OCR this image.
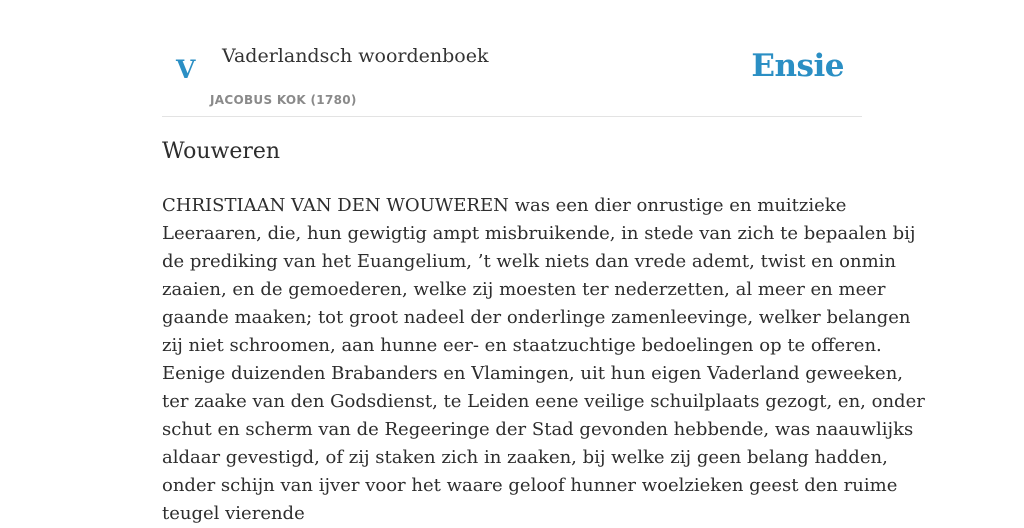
V Vaderlandsch woordenboek
JACOBUS KOK (1780)
Ensie
Wouweren
CHRISTIAAN VAN DEN WOUWEREN was een dier onrustige en muitzieke
Leeraaren, die, hun gewigtig ampt misbruikende, in stede van zich te bepaalen bij
de prediking van het Euangelium, ’t welk niets dan vrede ademt, twist en onmin
zaaien, en de gemoederen, welke zij moesten ter nederzetten, al meer en meer
gaande maaken; tot groot nadeel der onderlinge zamenleevinge, welker belangen
zij niet schroomen, aan hunne eer- en staatzuchtige bedoelingen op te offeren.
Eenige duizenden Brabanders en Vlamingen, uit hun eigen Vaderland geweeken,
ter zaake van den Godsdienst, te Leiden eene veilige schuilplaats gezogt, en, onder
schut en scherm van de Regeeringe der Stad gevonden hebbende, was naauwlijks
aldaar gevestigd, of zij staken zich in zaaken, bij welke zij geen belang hadden,
onder schijn van ijver voor het waare geloof hunner woelzieken geest den ruime
teugel vierende
